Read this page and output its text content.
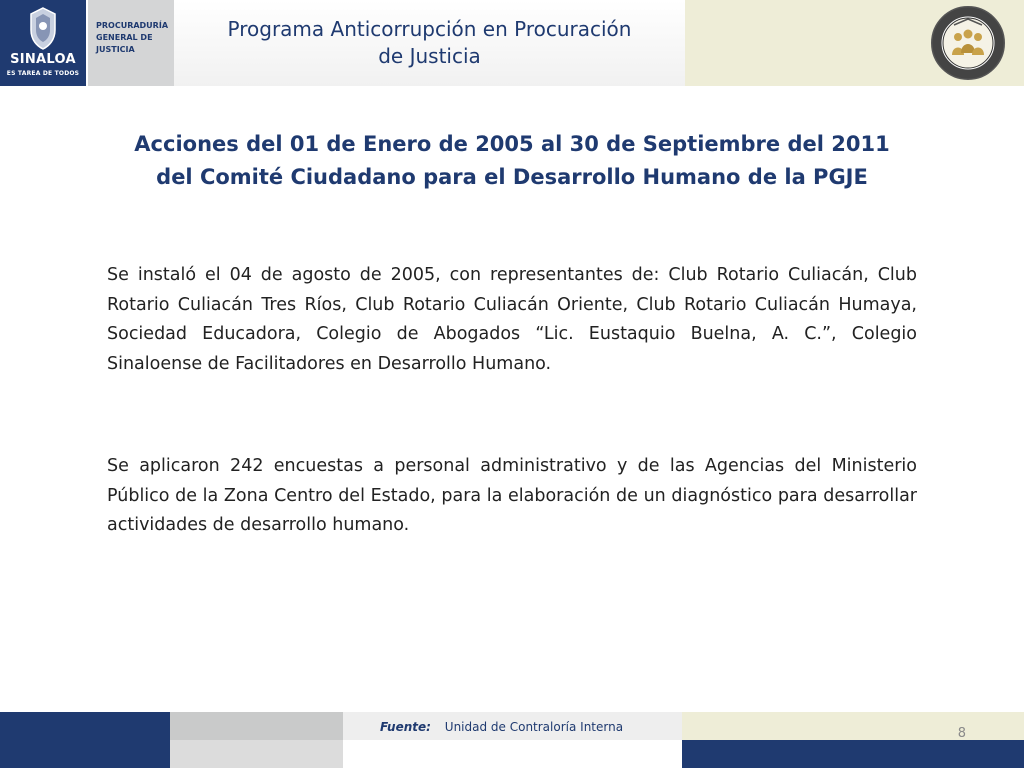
SINALOA
ES TAREA DE TODOS
PROCURADURÍA
GENERAL DE
JUSTICIA
Programa Anticorrupción en Procuración
de Justicia
Acciones del 01 de Enero de 2005 al 30 de Septiembre del 2011
del Comité Ciudadano para el Desarrollo Humano de la PGJE
Se instaló el 04 de agosto de 2005, con representantes de: Club Rotario Culiacán, Club Rotario Culiacán Tres Ríos, Club Rotario Culiacán Oriente, Club Rotario Culiacán Humaya, Sociedad Educadora, Colegio de Abogados “Lic. Eustaquio Buelna, A. C.”, Colegio Sinaloense de Facilitadores en Desarrollo Humano.
Se aplicaron 242 encuestas a personal administrativo y de las Agencias del Ministerio Público de la Zona Centro del Estado, para la elaboración de un diagnóstico para desarrollar actividades de desarrollo humano.
Fuente: Unidad de Contraloría Interna	8
